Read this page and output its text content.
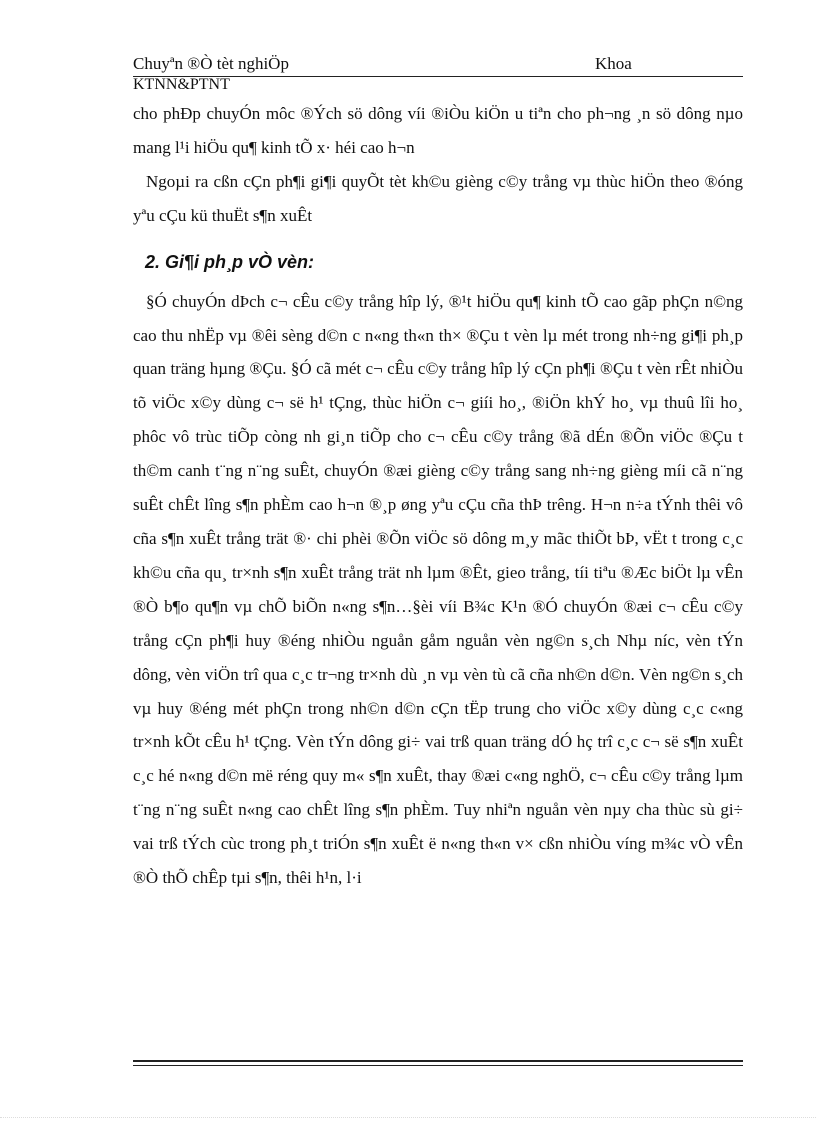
Chuyªn ®Ò tèt nghiÖp	Khoa
KTNN&PTNT
cho phÐp chuyÓn môc ®Ých sö dông víi ®iÒu kiÖn u tiªn cho ph¬ng ¸n sö dông nµo mang l¹i hiÖu qu¶ kinh tÕ x· héi cao h¬n
Ngoµi ra cßn cÇn ph¶i gi¶i quyÕt tèt kh©u gièng c©y trång vµ thùc hiÖn theo ®óng yªu cÇu kü thuËt s¶n xuÊt
2. Gi¶i ph¸p vÒ vèn:
§Ó chuyÓn dÞch c¬ cÊu c©y trång hîp lý, ®¹t hiÖu qu¶ kinh tÕ cao gãp phÇn n©ng cao thu nhËp vµ ®êi sèng d©n c n«ng th«n th× ®Çu t vèn lµ mét trong nh÷ng gi¶i ph¸p quan träng hµng ®Çu. §Ó cã mét c¬ cÊu c©y trång hîp lý cÇn ph¶i ®Çu t vèn rÊt nhiÒu tõ viÖc x©y dùng c¬ së h¹ tÇng, thùc hiÖn c¬ giíi ho¸, ®iÖn khÝ ho¸ vµ thuû lîi ho¸ phôc vô trùc tiÕp còng nh gi¸n tiÕp cho c¬ cÊu c©y trång ®ã dÉn ®Õn viÖc ®Çu t th©m canh t¨ng n¨ng suÊt, chuyÓn ®æi gièng c©y trång sang nh÷ng gièng míi cã n¨ng suÊt chÊt lîng s¶n phÈm cao h¬n ®¸p øng yªu cÇu cña thÞ trêng. H¬n n÷a tÝnh thêi vô cña s¶n xuÊt trång trät ®· chi phèi ®Õn viÖc sö dông m¸y mãc thiÕt bÞ, vËt t trong c¸c kh©u cña qu¸ tr×nh s¶n xuÊt trång trät nh lµm ®Êt, gieo trång, tíi tiªu ®Æc biÖt lµ vÊn ®Ò b¶o qu¶n vµ chÕ biÕn n«ng s¶n…§èi víi B¾c K¹n ®Ó chuyÓn ®æi c¬ cÊu c©y trång cÇn ph¶i huy ®éng nhiÒu nguån gåm nguån vèn ng©n s¸ch Nhµ níc, vèn tÝn dông, vèn viÖn trî qua c¸c tr¬ng tr×nh dù ¸n vµ vèn tù cã cña nh©n d©n. Vèn ng©n s¸ch vµ huy ®éng mét phÇn trong nh©n d©n cÇn tËp trung cho viÖc x©y dùng c¸c c«ng tr×nh kÕt cÊu h¹ tÇng. Vèn tÝn dông gi÷ vai trß quan träng dÓ hç trî c¸c c¬ së s¶n xuÊt c¸c hé n«ng d©n më réng quy m« s¶n xuÊt, thay ®æi c«ng nghÖ, c¬ cÊu c©y trång lµm t¨ng n¨ng suÊt n«ng cao chÊt lîng s¶n phÈm. Tuy nhiªn nguån vèn nµy cha thùc sù gi÷ vai trß tÝch cùc trong ph¸t triÓn s¶n xuÊt ë n«ng th«n v× cßn nhiÒu víng m¾c vÒ vÊn ®Ò thÕ chÊp tµi s¶n, thêi h¹n, l·i
